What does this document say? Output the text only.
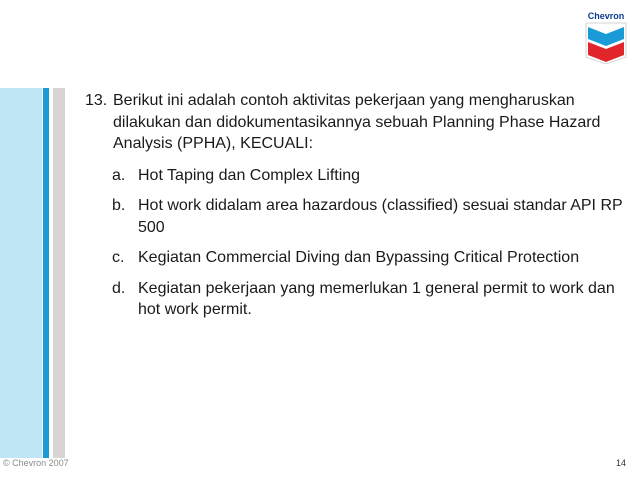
Chevron
13. Berikut ini adalah contoh aktivitas pekerjaan yang mengharuskan dilakukan dan didokumentasikannya sebuah Planning Phase Hazard Analysis (PPHA), KECUALI:
a. Hot Taping dan Complex Lifting
b. Hot work didalam area hazardous (classified) sesuai standar API RP 500
c. Kegiatan Commercial Diving dan Bypassing Critical Protection
d. Kegiatan pekerjaan yang memerlukan 1 general permit to work dan hot work permit.
© Chevron 2007	14
